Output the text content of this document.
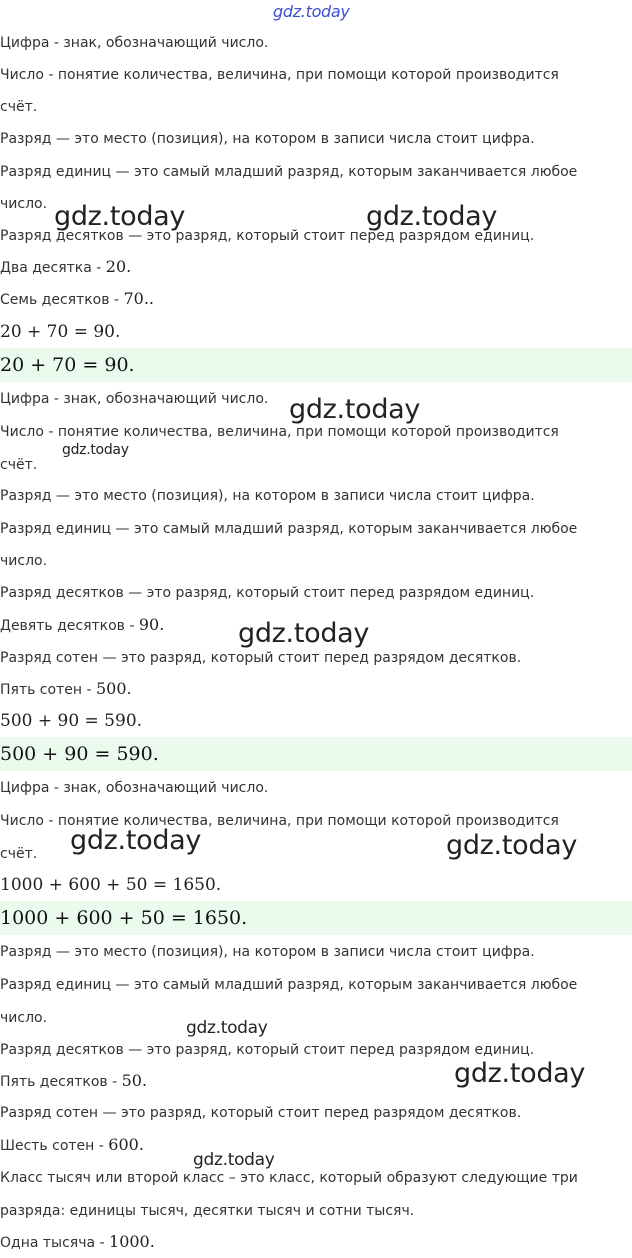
gdz.today
Цифра - знак, обозначающий число.
Число - понятие количества, величина, при помощи которой производится
счёт.
Разряд — это место (позиция), на котором в записи числа стоит цифра.
Разряд единиц — это самый младший разряд, которым заканчивается любое
число.
Разряд десятков — это разряд, который стоит перед разрядом единиц.
Два десятка - 20.
Семь десятков - 70..
20 + 70 = 90.
20 + 70 = 90.
Цифра - знак, обозначающий число.
Число - понятие количества, величина, при помощи которой производится
счёт.
Разряд — это место (позиция), на котором в записи числа стоит цифра.
Разряд единиц — это самый младший разряд, которым заканчивается любое
число.
Разряд десятков — это разряд, который стоит перед разрядом единиц.
Девять десятков - 90.
Разряд сотен — это разряд, который стоит перед разрядом десятков.
Пять сотен - 500.
500 + 90 = 590.
500 + 90 = 590.
Цифра - знак, обозначающий число.
Число - понятие количества, величина, при помощи которой производится
счёт.
1000 + 600 + 50 = 1650.
1000 + 600 + 50 = 1650.
Разряд — это место (позиция), на котором в записи числа стоит цифра.
Разряд единиц — это самый младший разряд, которым заканчивается любое
число.
Разряд десятков — это разряд, который стоит перед разрядом единиц.
Пять десятков - 50.
Разряд сотен — это разряд, который стоит перед разрядом десятков.
Шесть сотен - 600.
Класс тысяч или второй класс – это класс, который образуют следующие три
разряда: единицы тысяч, десятки тысяч и сотни тысяч.
Одна тысяча - 1000.
gdz.today	gdz.today
gdz.today
gdz.today
gdz.today
gdz.today	gdz.today
gdz.today
gdz.today
gdz.today
